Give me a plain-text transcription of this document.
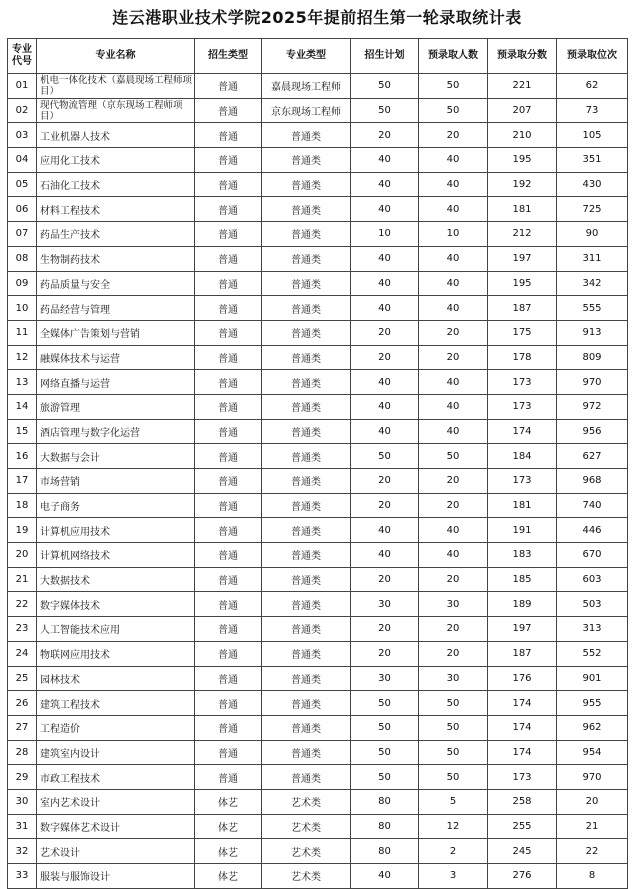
连云港职业技术学院2025年提前招生第一轮录取统计表
专业代号	专业名称	招生类型	专业类型	招生计划	预录取人数	预录取分数	预录取位次
01	机电一体化技术（嘉晨现场工程师项目）	普通	嘉晨现场工程师	50	50	221	62
02	现代物流管理（京东现场工程师项目）	普通	京东现场工程师	50	50	207	73
03	工业机器人技术	普通	普通类	20	20	210	105
04	应用化工技术	普通	普通类	40	40	195	351
05	石油化工技术	普通	普通类	40	40	192	430
06	材料工程技术	普通	普通类	40	40	181	725
07	药品生产技术	普通	普通类	10	10	212	90
08	生物制药技术	普通	普通类	40	40	197	311
09	药品质量与安全	普通	普通类	40	40	195	342
10	药品经营与管理	普通	普通类	40	40	187	555
11	全媒体广告策划与营销	普通	普通类	20	20	175	913
12	融媒体技术与运营	普通	普通类	20	20	178	809
13	网络直播与运营	普通	普通类	40	40	173	970
14	旅游管理	普通	普通类	40	40	173	972
15	酒店管理与数字化运营	普通	普通类	40	40	174	956
16	大数据与会计	普通	普通类	50	50	184	627
17	市场营销	普通	普通类	20	20	173	968
18	电子商务	普通	普通类	20	20	181	740
19	计算机应用技术	普通	普通类	40	40	191	446
20	计算机网络技术	普通	普通类	40	40	183	670
21	大数据技术	普通	普通类	20	20	185	603
22	数字媒体技术	普通	普通类	30	30	189	503
23	人工智能技术应用	普通	普通类	20	20	197	313
24	物联网应用技术	普通	普通类	20	20	187	552
25	园林技术	普通	普通类	30	30	176	901
26	建筑工程技术	普通	普通类	50	50	174	955
27	工程造价	普通	普通类	50	50	174	962
28	建筑室内设计	普通	普通类	50	50	174	954
29	市政工程技术	普通	普通类	50	50	173	970
30	室内艺术设计	体艺	艺术类	80	5	258	20
31	数字媒体艺术设计	体艺	艺术类	80	12	255	21
32	艺术设计	体艺	艺术类	80	2	245	22
33	服装与服饰设计	体艺	艺术类	40	3	276	8
